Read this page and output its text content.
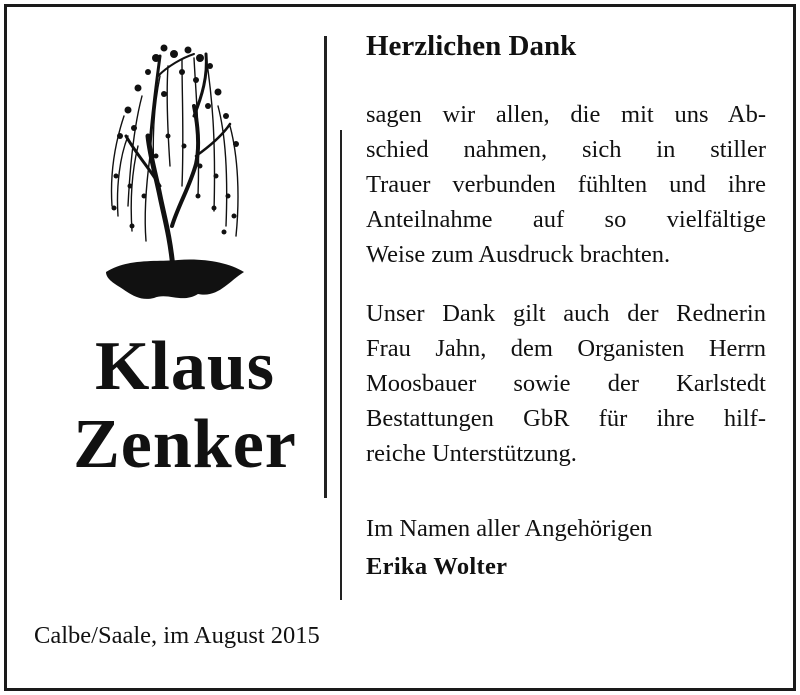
Klaus
Zenker
Herzlichen Dank
sagen wir allen, die mit uns Ab-
schied nahmen, sich in stiller
Trauer verbunden fühlten und ihre
Anteilnahme auf so vielfältige
Weise zum Ausdruck brachten.
Unser Dank gilt auch der Rednerin
Frau Jahn, dem Organisten Herrn
Moosbauer sowie der Karlstedt
Bestattungen GbR für ihre hilf-
reiche Unterstützung.
Im Namen aller Angehörigen
Erika Wolter
Calbe/Saale, im August 2015
